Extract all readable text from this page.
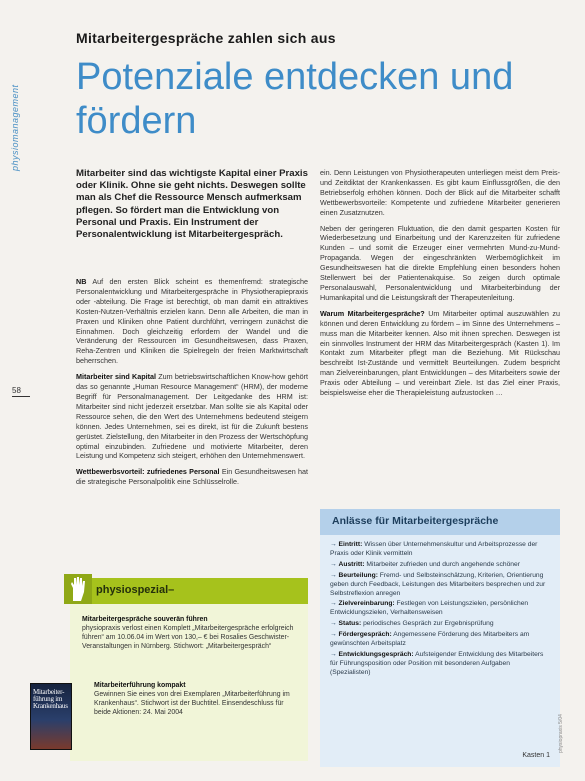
physiomanagement
58
Mitarbeitergespräche zahlen sich aus
Potenziale entdecken und fördern
Mitarbeiter sind das wichtigste Kapital einer Praxis oder Klinik. Ohne sie geht nichts. Deswegen sollte man als Chef die Ressource Mensch aufmerksam pflegen. So fördert man die Entwicklung von Personal und Praxis. Ein Instrument der Personalentwicklung ist Mitarbeitergespräch.

NB Auf den ersten Blick scheint es themenfremd: strategische Personalentwicklung und Mitarbeitergespräche in Physiotherapiepraxis oder -abteilung. Die Frage ist berechtigt, ob man damit ein attraktives Kosten-Nutzen-Verhältnis erzielen kann. Denn alle Arbeiten, die man in Praxen und Kliniken ohne Patient durchführt, verringern zunächst die Einnahmen. Doch gleichzeitig erfordern der Wandel und die Veränderung der Ressourcen im Gesundheitswesen, dass Praxen, Reha-Zentren und Kliniken die Spielregeln der freien Marktwirtschaft beherrschen.

Mitarbeiter sind Kapital Zum betriebswirtschaftlichen Know-how gehört das so genannte „Human Resource Management“ (HRM), der moderne Begriff für Personalmanagement. Der Leitgedanke des HRM ist: Mitarbeiter sind nicht jederzeit ersetzbar. Man sollte sie als Kapital oder Ressource sehen, die den Wert des Unternehmens bedeutend steigern können. Jedes Unternehmen, sei es direkt, ist für die Zukunft bestens gerüstet. Zielstellung, den Mitarbeiter in den Prozess der Wertschöpfung optimal einzubinden. Zufriedene und motivierte Mitarbeiter, deren Leistung und Kompetenz sich steigert, erhöhen den Unternehmenswert.

Wettbewerbsvorteil: zufriedenes Personal Ein Gesundheitswesen hat die strategische Personalpolitik eine Schlüsselrolle.

ein. Denn Leistungen von Physiotherapeuten unterliegen meist dem Preis- und Zeitdiktat der Krankenkassen. Es gibt kaum Einflussgrößen, die den Betriebserfolg erhöhen können. Doch der Blick auf die Mitarbeiter schafft Wettbewerbsvorteile: Kompetente und zufriedene Mitarbeiter generieren einen Zusatznutzen.

Neben der geringeren Fluktuation, die den damit gesparten Kosten für Wiederbesetzung und Einarbeitung und der Karenzzeiten für zufriedene Kunden – und somit die Erzeuger einer vermehrten Mund-zu-Mund-Propaganda. Wegen der eingeschränkten Werbemöglichkeit im Gesundheitswesen hat die direkte Empfehlung einen besonders hohen Stellenwert bei der Patientenakquise. So zeigen durch optimale Personalauswahl, Personalentwicklung und Mitarbeiterbindung der Humankapital und die Leistungskraft der Therapeutenleitung.

Warum Mitarbeitergespräche? Um Mitarbeiter optimal auszuwählen zu können und deren Entwicklung zu fördern – im Sinne des Unternehmens – muss man die Mitarbeiter kennen. Also mit ihnen sprechen. Deswegen ist ein sinnvolles Instrument der HRM das Mitarbeitergespräch (Kasten 1). Im Kontakt zum Mitarbeiter pflegt man die Beziehung. Mit Rückschau beschreibt Ist-Zustände und vermittelt Beurteilungen. Zudem bespricht man Zielvereinbarungen, plant Entwicklungen – des Mitarbeiters sowie der Praxis oder Abteilung – und vereinbart Ziele. Ist das Ziel einer Praxis, beispielsweise eher die Therapieleistung aufzustocken …

Anlässe für Mitarbeitergespräche
→ Eintritt: Wissen über Unternehmenskultur und Arbeitsprozesse der Praxis oder Klinik vermitteln
→ Austritt: Mitarbeiter zufrieden und durch angehende schöner
→ Beurteilung: Fremd- und Selbsteinschätzung, Kriterien, Orientierung geben durch Feedback, Leistungen des Mitarbeiters besprechen und zur Selbstreflexion anregen
→ Zielvereinbarung: Festlegen von Leistungszielen, persönlichen Entwicklungszielen, Verhaltensweisen
→ Status: periodisches Gespräch zur Ergebnisprüfung
→ Fördergespräch: Angemessene Förderung des Mitarbeiters am gewünschten Arbeitsplatz
→ Entwicklungsgespräch: Aufsteigender Entwicklung des Mitarbeiters für Führungsposition oder Position mit besonderen Aufgaben (Spezialisten)
Kasten 1
physiospezial–
Mitarbeitergespräche souverän führen
physiopraxis verlost einen Komplett „Mitarbeitergespräche erfolgreich führen“ am 10.06.04 im Wert von 130,– € bei Rosalies Geschwister-Veranstaltungen in Nürnberg. Stichwort: „Mitarbeitergespräch“
Mitarbeiterführung kompakt
Gewinnen Sie eines von drei Exemplaren „Mitarbeiterführung im Krankenhaus“. Stichwort ist der Buchtitel. Einsendeschluss für beide Aktionen: 24. Mai 2004
Mitarbeiter-führung im Krankenhaus
physiopraxis 5/04
